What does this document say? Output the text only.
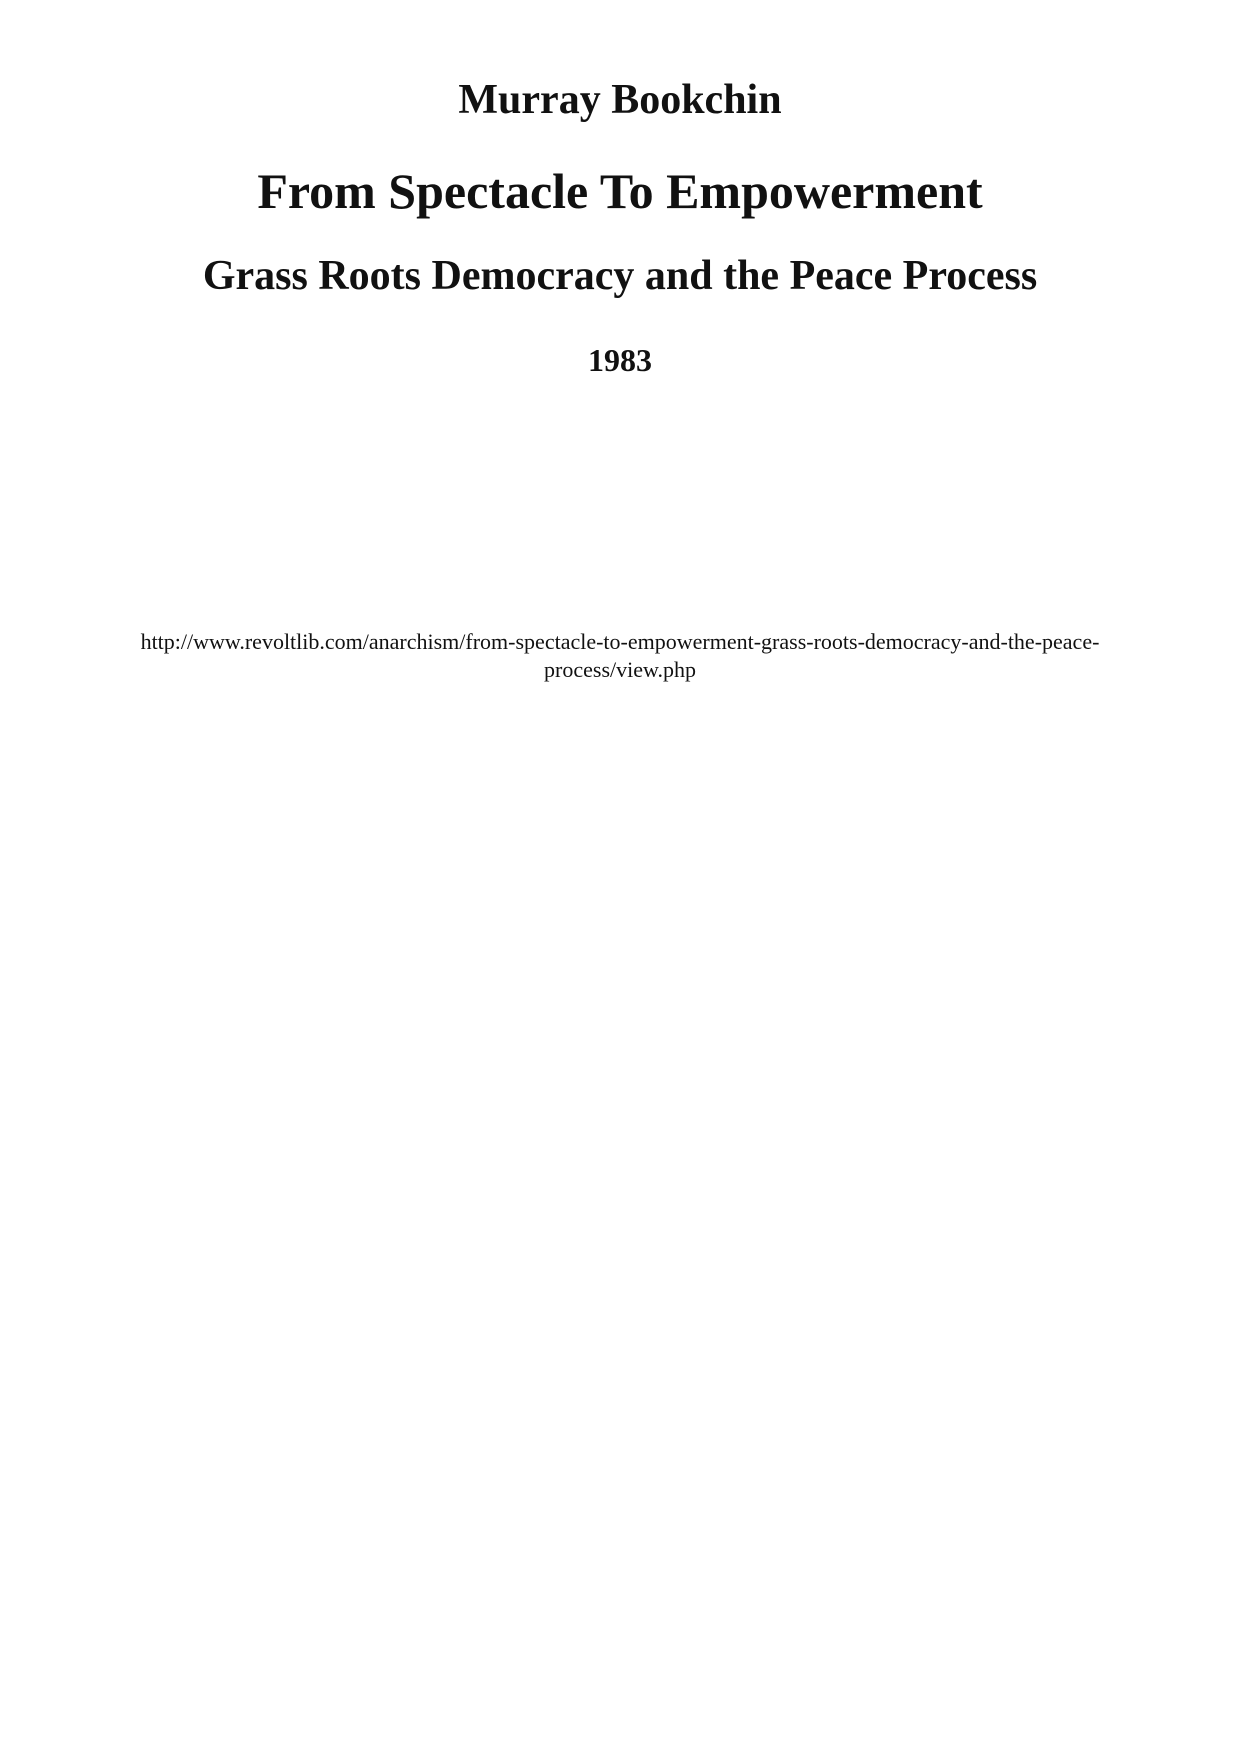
Murray Bookchin
From Spectacle To Empowerment
Grass Roots Democracy and the Peace Process
1983
http://www.revoltlib.com/anarchism/from-spectacle-to-empowerment-grass-roots-democracy-and-the-peace-
process/view.php
